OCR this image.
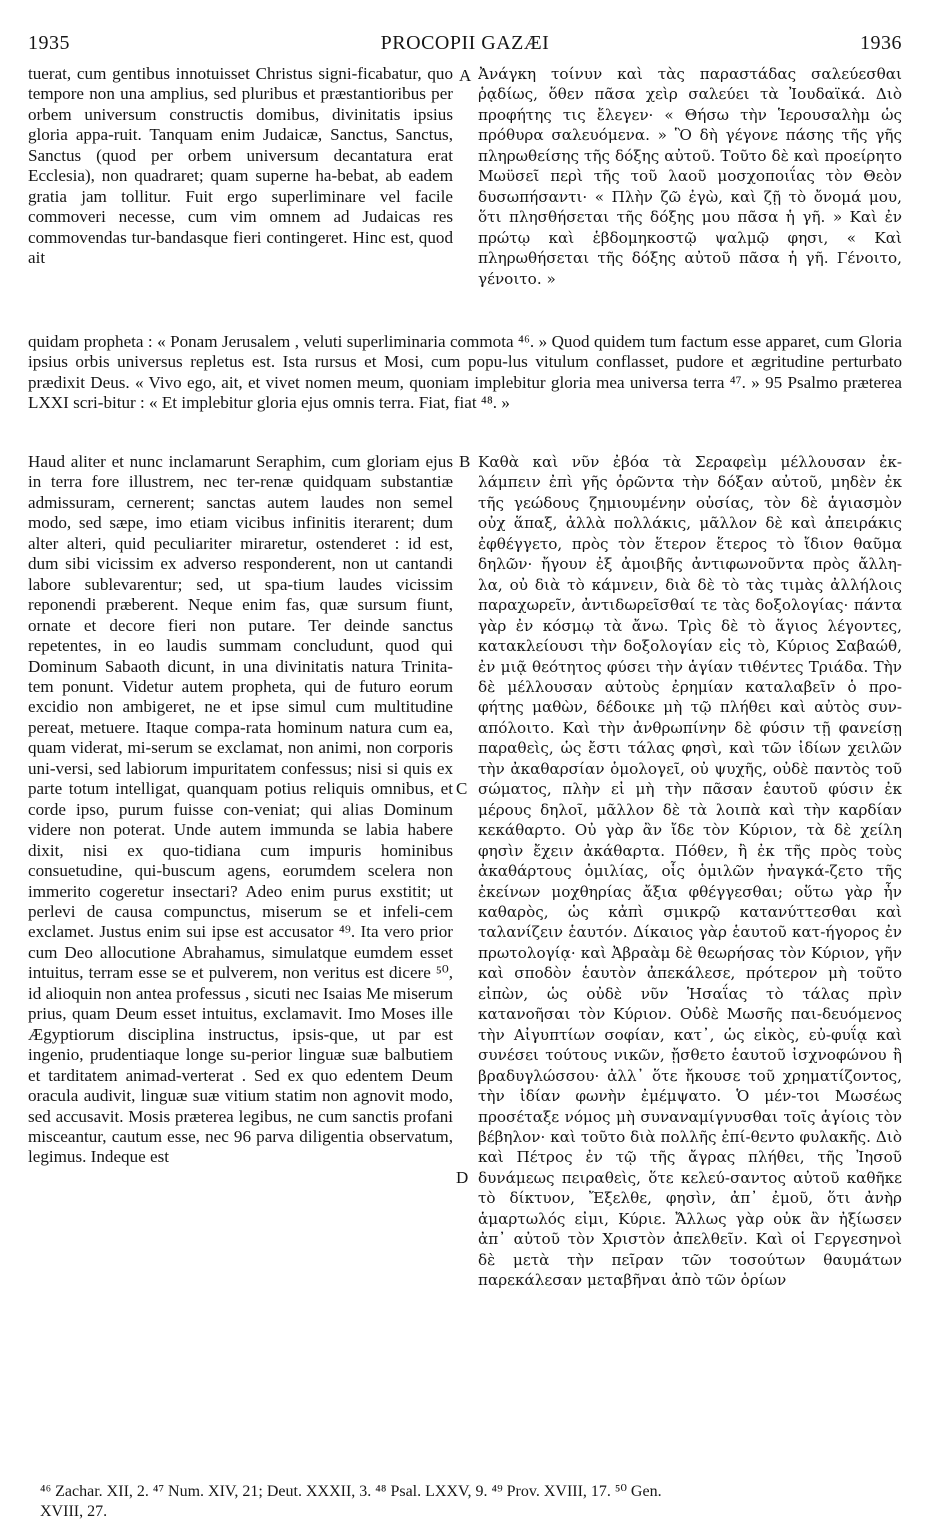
1935	PROCOPII GAZÆI	1936
tuerat, cum gentibus innotuisset Christus signi-ficabatur, quo tempore non una amplius, sed pluribus et præstantioribus per orbem universum constructis domibus, divinitatis ipsius gloria appa-ruit. Tanquam enim Judaicæ, Sanctus, Sanctus, Sanctus (quod per orbem universum decantatura erat Ecclesia), non quadraret; quam superne ha-bebat, ab eadem gratia jam tollitur. Fuit ergo superliminare vel facile commoveri necesse, cum vim omnem ad Judaicas res commovendas tur-bandasque fieri contingeret. Hinc est, quod ait
A Ἀνάγκη τοίνυν καὶ τὰς παραστάδας σαλεύεσθαι ῥᾳδίως, ὅθεν πᾶσα χεὶρ σαλεύει τὰ Ἰουδαϊκά. Διὸ προφήτης τις ἔλεγεν· « Θήσω τὴν Ἱερουσαλὴμ ὡς πρόθυρα σαλευόμενα. » Ὃ δὴ γέγονε πάσης τῆς γῆς πληρωθείσης τῆς δόξης αὐτοῦ. Τοῦτο δὲ καὶ προείρητο Μωϋσεῖ περὶ τῆς τοῦ λαοῦ μοσχοποιΐας τὸν Θεὸν δυσωπήσαντι· « Πλὴν ζῶ ἐγὼ, καὶ ζῇ τὸ ὄνομά μου, ὅτι πλησθήσεται τῆς δόξης μου πᾶσα ἡ γῆ. » Καὶ ἐν πρώτῳ καὶ ἑβδομηκοστῷ ψαλμῷ φησι, « Καὶ πληρωθήσεται τῆς δόξης αὐτοῦ πᾶσα ἡ γῆ. Γένοιτο, γένοιτο. »
quidam propheta : « Ponam Jerusalem , veluti superliminaria commota ⁴⁶. » Quod quidem tum factum esse apparet, cum Gloria ipsius orbis universus repletus est. Ista rursus et Mosi, cum popu-lus vitulum conflasset, pudore et ægritudine perturbato prædixit Deus. « Vivo ego, ait, et vivet nomen meum, quoniam implebitur gloria mea universa terra ⁴⁷. » 95 Psalmo præterea LXXI scri-bitur : « Et implebitur gloria ejus omnis terra. Fiat, fiat ⁴⁸. »
B
C
D
Haud aliter et nunc inclamarunt Seraphim, cum gloriam ejus in terra fore illustrem, nec ter-renæ quidquam substantiæ admissuram, cernerent; sanctas autem laudes non semel modo, sed sæpe, imo etiam vicibus infinitis iterarent; dum alter alteri, quid peculiariter miraretur, ostenderet : id est, dum sibi vicissim ex adverso responderent, non ut cantandi labore sublevarentur; sed, ut spa-tium laudes vicissim reponendi præberent. Neque enim fas, quæ sursum fiunt, ornate et decore fieri non putare. Ter deinde sanctus repetentes, in eo laudis summam concludunt, quod qui Dominum Sabaoth dicunt, in una divinitatis natura Trinita-tem ponunt. Videtur autem propheta, qui de futuro eorum excidio non ambigeret, ne et ipse simul cum multitudine pereat, metuere. Itaque compa-rata hominum natura cum ea, quam viderat, mi-serum se exclamat, non animi, non corporis uni-versi, sed labiorum impuritatem confessus; nisi si quis ex parte totum intelligat, quanquam potius reliquis omnibus, et corde ipso, purum fuisse con-veniat; qui alias Dominum videre non poterat. Unde autem immunda se labia habere dixit, nisi ex quo-tidiana cum impuris hominibus consuetudine, qui-buscum agens, eorumdem scelera non immerito cogeretur insectari? Adeo enim purus exstitit; ut perlevi de causa compunctus, miserum se et infeli-cem exclamet. Justus enim sui ipse est accusator ⁴⁹. Ita vero prior cum Deo allocutione Abrahamus, simulatque eumdem esset intuitus, terram esse se et pulverem, non veritus est dicere ⁵⁰, id alioquin non antea professus , sicuti nec Isaias Me miserum prius, quam Deum esset intuitus, exclamavit. Imo Moses ille Ægyptiorum disciplina instructus, ipsis-que, ut par est ingenio, prudentiaque longe su-perior linguæ suæ balbutiem et tarditatem animad-verterat . Sed ex quo edentem Deum oracula audivit, linguæ suæ vitium statim non agnovit modo, sed accusavit. Mosis præterea legibus, ne cum sanctis profani misceantur, cautum esse, nec 96 parva diligentia observatum, legimus. Indeque est
Καθὰ καὶ νῦν ἐβόα τὰ Σεραφεὶμ μέλλουσαν ἐκ-λάμπειν ἐπὶ γῆς ὁρῶντα τὴν δόξαν αὐτοῦ, μηδὲν ἐκ τῆς γεώδους ζημιουμένην οὐσίας, τὸν δὲ ἁγιασμὸν οὐχ ἅπαξ, ἀλλὰ πολλάκις, μᾶλλον δὲ καὶ ἀπειράκις ἐφθέγγετο, πρὸς τὸν ἕτερον ἕτερος τὸ ἴδιον θαῦμα δηλῶν· ἤγουν ἐξ ἀμοιβῆς ἀντιφωνοῦντα πρὸς ἄλλη-λα, οὐ διὰ τὸ κάμνειν, διὰ δὲ τὸ τὰς τιμὰς ἀλλήλοις παραχωρεῖν, ἀντιδωρεῖσθαί τε τὰς δοξολογίας· πάντα γὰρ ἐν κόσμῳ τὰ ἄνω. Τρὶς δὲ τὸ ἅγιος λέγοντες, κατακλείουσι τὴν δοξολογίαν εἰς τὸ, Κύριος Σαβαώθ, ἐν μιᾷ θεότητος φύσει τὴν ἁγίαν τιθέντες Τριάδα. Τὴν δὲ μέλλουσαν αὐτοὺς ἐρημίαν καταλαβεῖν ὁ προ-φήτης μαθὼν, δέδοικε μὴ τῷ πλήθει καὶ αὐτὸς συν-απόλοιτο. Καὶ τὴν ἀνθρωπίνην δὲ φύσιν τῇ φανείσῃ παραθεὶς, ὡς ἔστι τάλας φησὶ, καὶ τῶν ἰδίων χειλῶν τὴν ἀκαθαρσίαν ὁμολογεῖ, οὐ ψυχῆς, οὐδὲ παντὸς τοῦ σώματος, πλὴν εἰ μὴ τὴν πᾶσαν ἑαυτοῦ φύσιν ἐκ μέρους δηλοῖ, μᾶλλον δὲ τὰ λοιπὰ καὶ τὴν καρδίαν κεκάθαρτο. Οὐ γὰρ ἂν ἴδε τὸν Κύριον, τὰ δὲ χείλη φησὶν ἔχειν ἀκάθαρτα. Πόθεν, ἢ ἐκ τῆς πρὸς τοὺς ἀκαθάρτους ὁμιλίας, οἷς ὁμιλῶν ἠναγκά-ζετο τῆς ἐκείνων μοχθηρίας ἄξια φθέγγεσθαι; οὕτω γὰρ ἦν καθαρὸς, ὡς κἀπὶ σμικρῷ κατανύττεσθαι καὶ ταλανίζειν ἑαυτόν. Δίκαιος γὰρ ἑαυτοῦ κατ-ήγορος ἐν πρωτολογίᾳ· καὶ Ἀβραὰμ δὲ θεωρήσας τὸν Κύριον, γῆν καὶ σποδὸν ἑαυτὸν ἀπεκάλεσε, πρότερον μὴ τοῦτο εἰπὼν, ὡς οὐδὲ νῦν Ἡσαΐας τὸ τάλας πρὶν κατανοῆσαι τὸν Κύριον. Οὐδὲ Μωσῆς παι-δευόμενος τὴν Αἰγυπτίων σοφίαν, κατ᾽, ὡς εἰκὸς, εὐ-φυΐᾳ καὶ συνέσει τούτους νικῶν, ᾔσθετο ἑαυτοῦ ἰσχνοφώνου ἢ βραδυγλώσσου· ἀλλ᾽ ὅτε ἤκουσε τοῦ χρηματίζοντος, τὴν ἰδίαν φωνὴν ἐμέμψατο. Ὁ μέν-τοι Μωσέως προσέταξε νόμος μὴ συναναμίγνυσθαι τοῖς ἁγίοις τὸν βέβηλον· καὶ τοῦτο διὰ πολλῆς ἐπί-θεντο φυλακῆς. Διὸ καὶ Πέτρος ἐν τῷ τῆς ἄγρας πλήθει, τῆς Ἰησοῦ δυνάμεως πειραθεὶς, ὅτε κελεύ-σαντος αὐτοῦ καθῆκε τὸ δίκτυον, Ἔξελθε, φησὶν, ἀπ᾽ ἐμοῦ, ὅτι ἀνὴρ ἁμαρτωλός εἰμι, Κύριε. Ἄλλως γὰρ οὐκ ἂν ἠξίωσεν ἀπ᾽ αὐτοῦ τὸν Χριστὸν ἀπελθεῖν. Καὶ οἱ Γεργεσηνοὶ δὲ μετὰ τὴν πεῖραν τῶν τοσούτων θαυμάτων παρεκάλεσαν μεταβῆναι ἀπὸ τῶν ὁρίων
⁴⁶ Zachar. XII, 2. ⁴⁷ Num. XIV, 21; Deut. XXXII, 3. ⁴⁸ Psal. LXXV, 9. ⁴⁹ Prov. XVIII, 17. ⁵⁰ Gen.
XVIII, 27.
